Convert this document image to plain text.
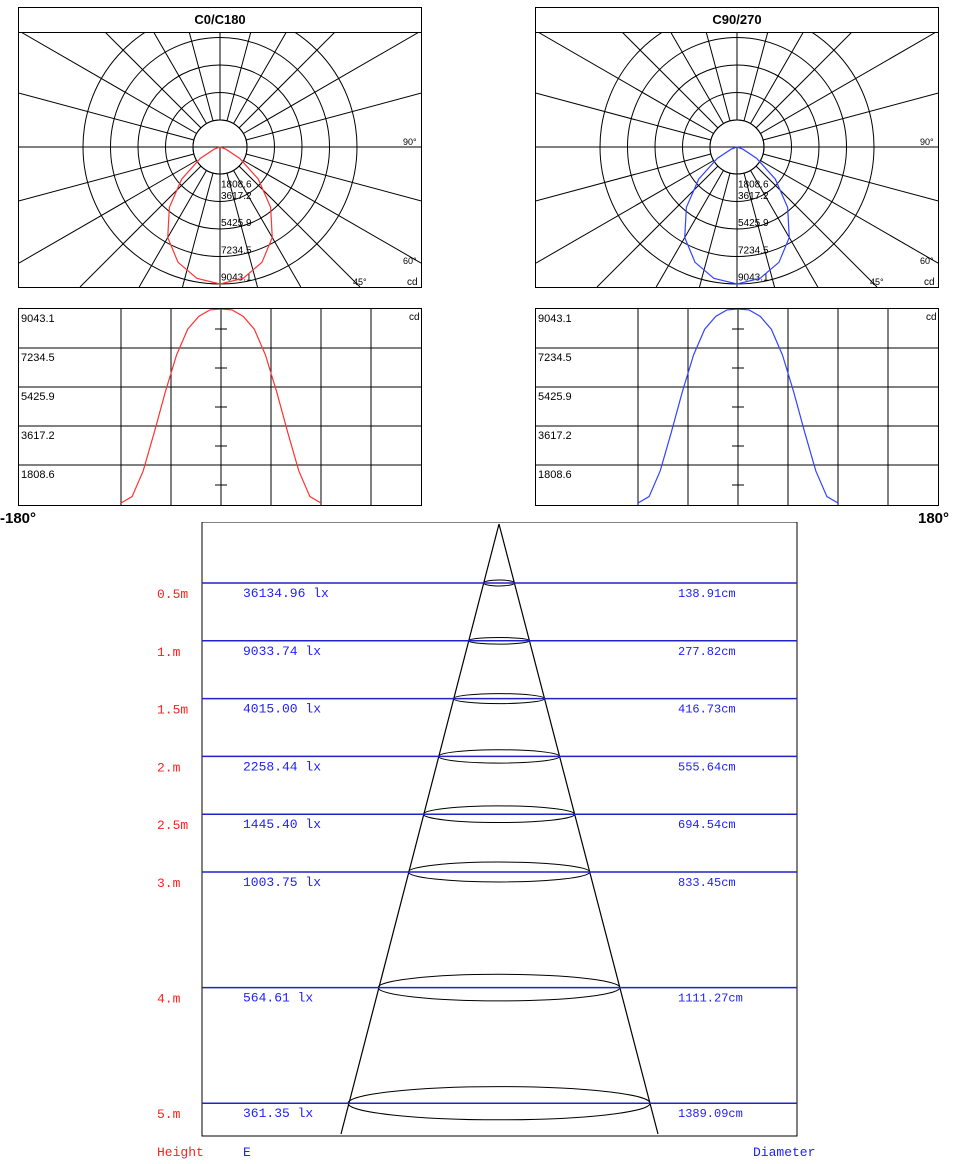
C0/C180
1808.6
3617.2
5425.9
7234.5
9043.1
90°
60°
45°	cd
C90/270
1808.6
3617.2
5425.9
7234.5
9043.1
90°
60°
45°	cd
9043.1
7234.5
5425.9
3617.2
1808.6
cd	9043.1
7234.5
5425.9
3617.2
1808.6
cd
-180°	180°
0.5m	36134.96 lx	138.91cm
1.m	9033.74 lx	277.82cm
1.5m	4015.00 lx	416.73cm
2.m	2258.44 lx	555.64cm
2.5m	1445.40 lx	694.54cm
3.m	1003.75 lx	833.45cm
4.m	564.61 lx	1111.27cm
5.m	361.35 lx	1389.09cm
Height	E	Diameter
